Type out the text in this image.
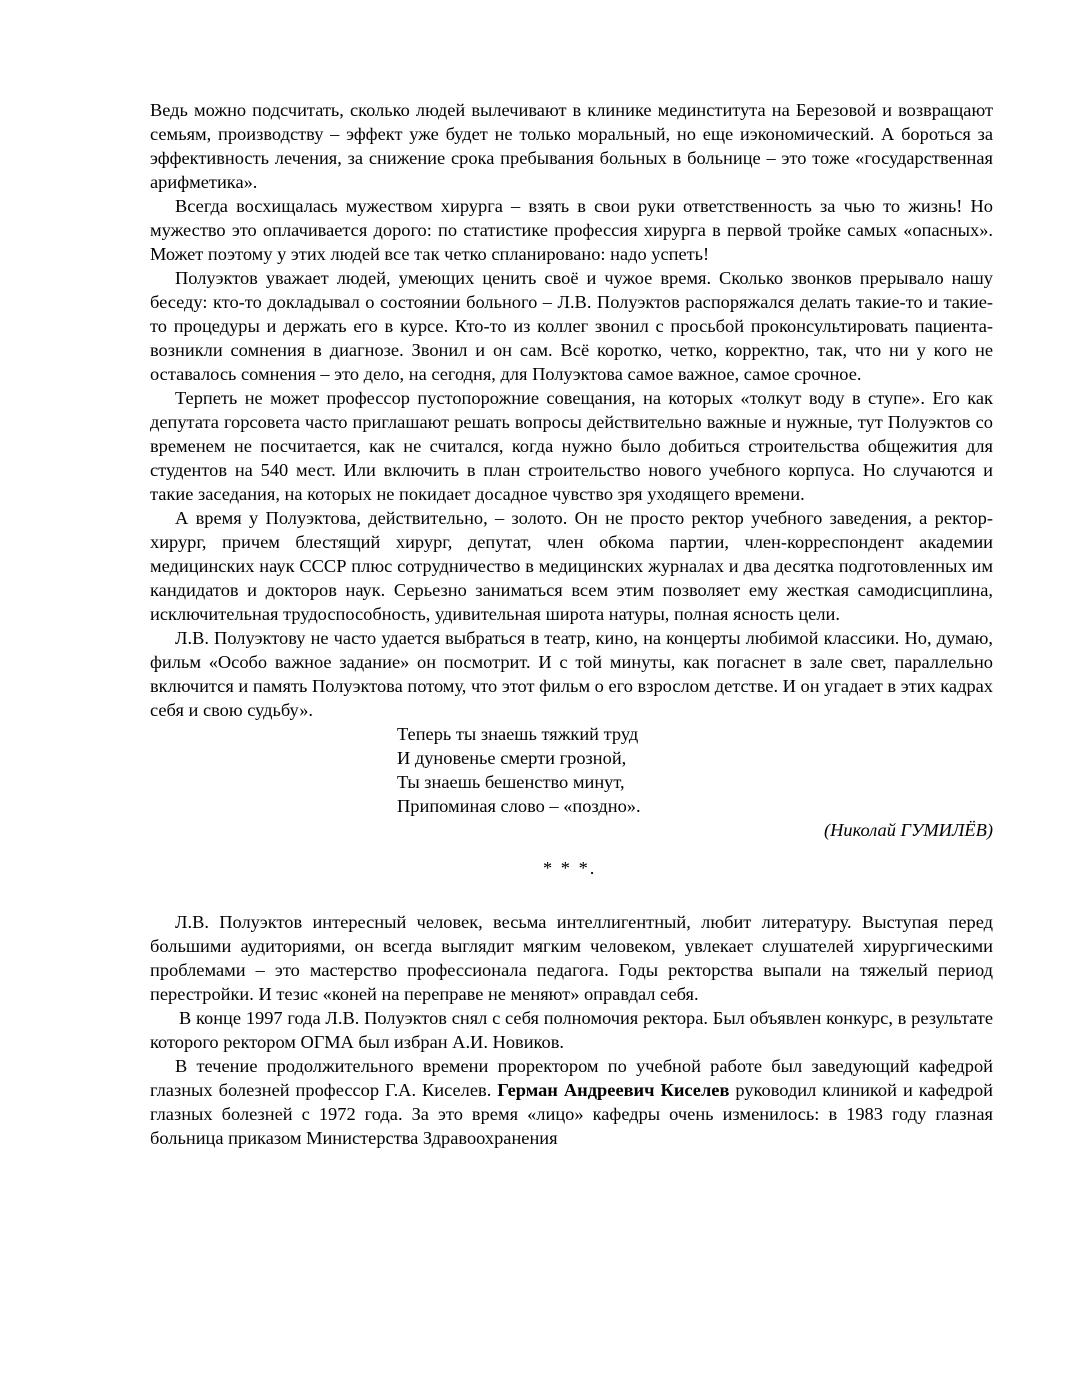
Ведь можно подсчитать, сколько людей вылечивают в клинике мединститута на Березовой и возвращают семьям, производству – эффект уже будет не только моральный, но еще иэкономический. А бороться за эффективность лечения, за снижение срока пребывания больных в больнице – это тоже «государственная арифметика».

Всегда восхищалась мужеством хирурга – взять в свои руки ответственность за чью то жизнь! Но мужество это оплачивается дорого: по статистике профессия хирурга в первой тройке самых «опасных». Может поэтому у этих людей все так четко спланировано: надо успеть!

Полуэктов уважает людей, умеющих ценить своё и чужое время. Сколько звонков прерывало нашу беседу: кто-то докладывал о состоянии больного – Л.В. Полуэктов распоряжался делать такие-то и такие-то процедуры и держать его в курсе. Кто-то из коллег звонил с просьбой проконсультировать пациента- возникли сомнения в диагнозе. Звонил и он сам. Всё коротко, четко, корректно, так, что ни у кого не оставалось сомнения – это дело, на сегодня, для Полуэктова самое важное, самое срочное.

Терпеть не может профессор пустопорожние совещания, на которых «толкут воду в ступе». Его как депутата горсовета часто приглашают решать вопросы действительно важные и нужные, тут Полуэктов со временем не посчитается, как не считался, когда нужно было добиться строительства общежития для студентов на 540 мест. Или включить в план строительство нового учебного корпуса. Но случаются и такие заседания, на которых не покидает досадное чувство зря уходящего времени.

А время у Полуэктова, действительно, – золото. Он не просто ректор учебного заведения, а ректор-хирург, причем блестящий хирург, депутат, член обкома партии, член-корреспондент академии медицинских наук СССР плюс сотрудничество в медицинских журналах и два десятка подготовленных им кандидатов и докторов наук. Серьезно заниматься всем этим позволяет ему жесткая самодисциплина, исключительная трудоспособность, удивительная широта натуры, полная ясность цели.

Л.В. Полуэктову не часто удается выбраться в театр, кино, на концерты любимой классики. Но, думаю, фильм «Особо важное задание» он посмотрит. И с той минуты, как погаснет в зале свет, параллельно включится и память Полуэктова потому, что этот фильм о его взрослом детстве. И он угадает в этих кадрах себя и свою судьбу».

Теперь ты знаешь тяжкий труд
И дуновенье смерти грозной,
Ты знаешь бешенство минут,
Припоминая слово – «поздно».

(Николай ГУМИЛЁВ)

* * *.

Л.В. Полуэктов интересный человек, весьма интеллигентный, любит литературу. Выступая перед большими аудиториями, он всегда выглядит мягким человеком, увлекает слушателей хирургическими проблемами – это мастерство профессионала педагога. Годы ректорства выпали на тяжелый период перестройки. И тезис «коней на переправе не меняют» оправдал себя.

В конце 1997 года Л.В. Полуэктов снял с себя полномочия ректора. Был объявлен конкурс, в результате которого ректором ОГМА был избран А.И. Новиков.

В течение продолжительного времени проректором по учебной работе был заведующий кафедрой глазных болезней профессор Г.А. Киселев. Герман Андреевич Киселев руководил клиникой и кафедрой глазных болезней с 1972 года. За это время «лицо» кафедры очень изменилось: в 1983 году глазная больница приказом Министерства Здравоохранения
